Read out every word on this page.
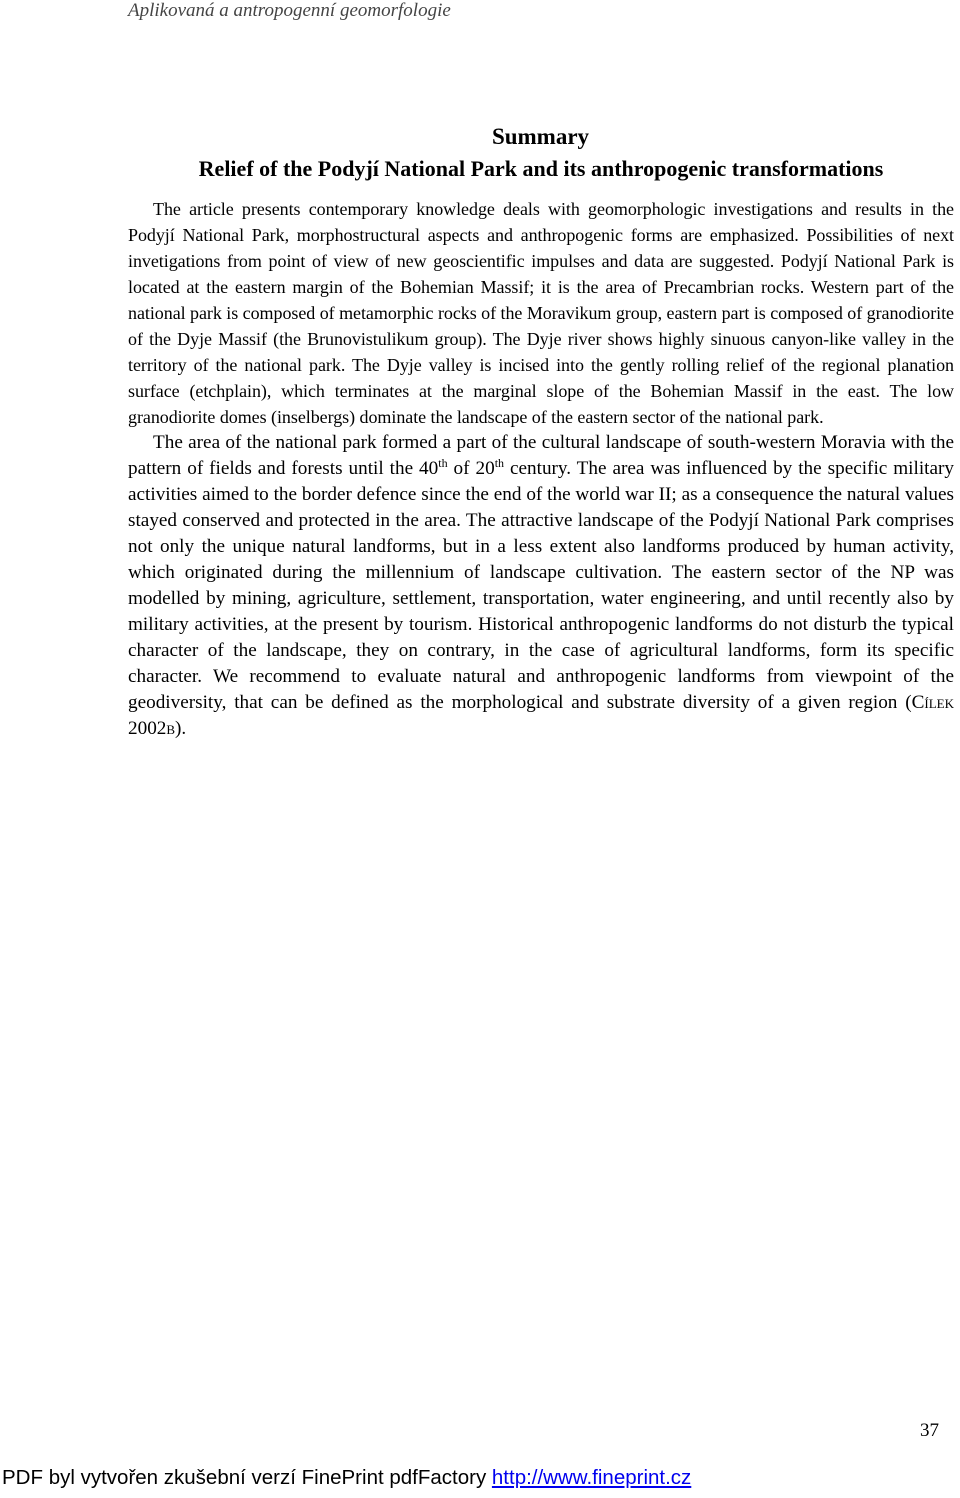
Aplikovaná a antropogenní geomorfologie
Summary
Relief of the Podyjí National Park and its anthropogenic transformations

The article presents contemporary knowledge deals with geomorphologic investigations and results in the Podyjí National Park, morphostructural aspects and anthropogenic forms are emphasized. Possibilities of next invetigations from point of view of new geoscientific impulses and data are suggested. Podyjí National Park is located at the eastern margin of the Bohemian Massif; it is the area of Precambrian rocks. Western part of the national park is composed of metamorphic rocks of the Moravikum group, eastern part is composed of granodiorite of the Dyje Massif (the Brunovistulikum group). The Dyje river shows highly sinuous canyon-like valley in the territory of the national park. The Dyje valley is incised into the gently rolling relief of the regional planation surface (etchplain), which terminates at the marginal slope of the Bohemian Massif in the east. The low granodiorite domes (inselbergs) dominate the landscape of the eastern sector of the national park.

The area of the national park formed a part of the cultural landscape of south-western Moravia with the pattern of fields and forests until the 40th of 20th century. The area was influenced by the specific military activities aimed to the border defence since the end of the world war II; as a consequence the natural values stayed conserved and protected in the area. The attractive landscape of the Podyjí National Park comprises not only the unique natural landforms, but in a less extent also landforms produced by human activity, which originated during the millennium of landscape cultivation. The eastern sector of the NP was modelled by mining, agriculture, settlement, transportation, water engineering, and until recently also by military activities, at the present by tourism. Historical anthropogenic landforms do not disturb the typical character of the landscape, they on contrary, in the case of agricultural landforms, form its specific character. We recommend to evaluate natural and anthropogenic landforms from viewpoint of the geodiversity, that can be defined as the morphological and substrate diversity of a given region (Cílek 2002b).

37
PDF byl vytvořen zkušební verzí FinePrint pdfFactory http://www.fineprint.cz
